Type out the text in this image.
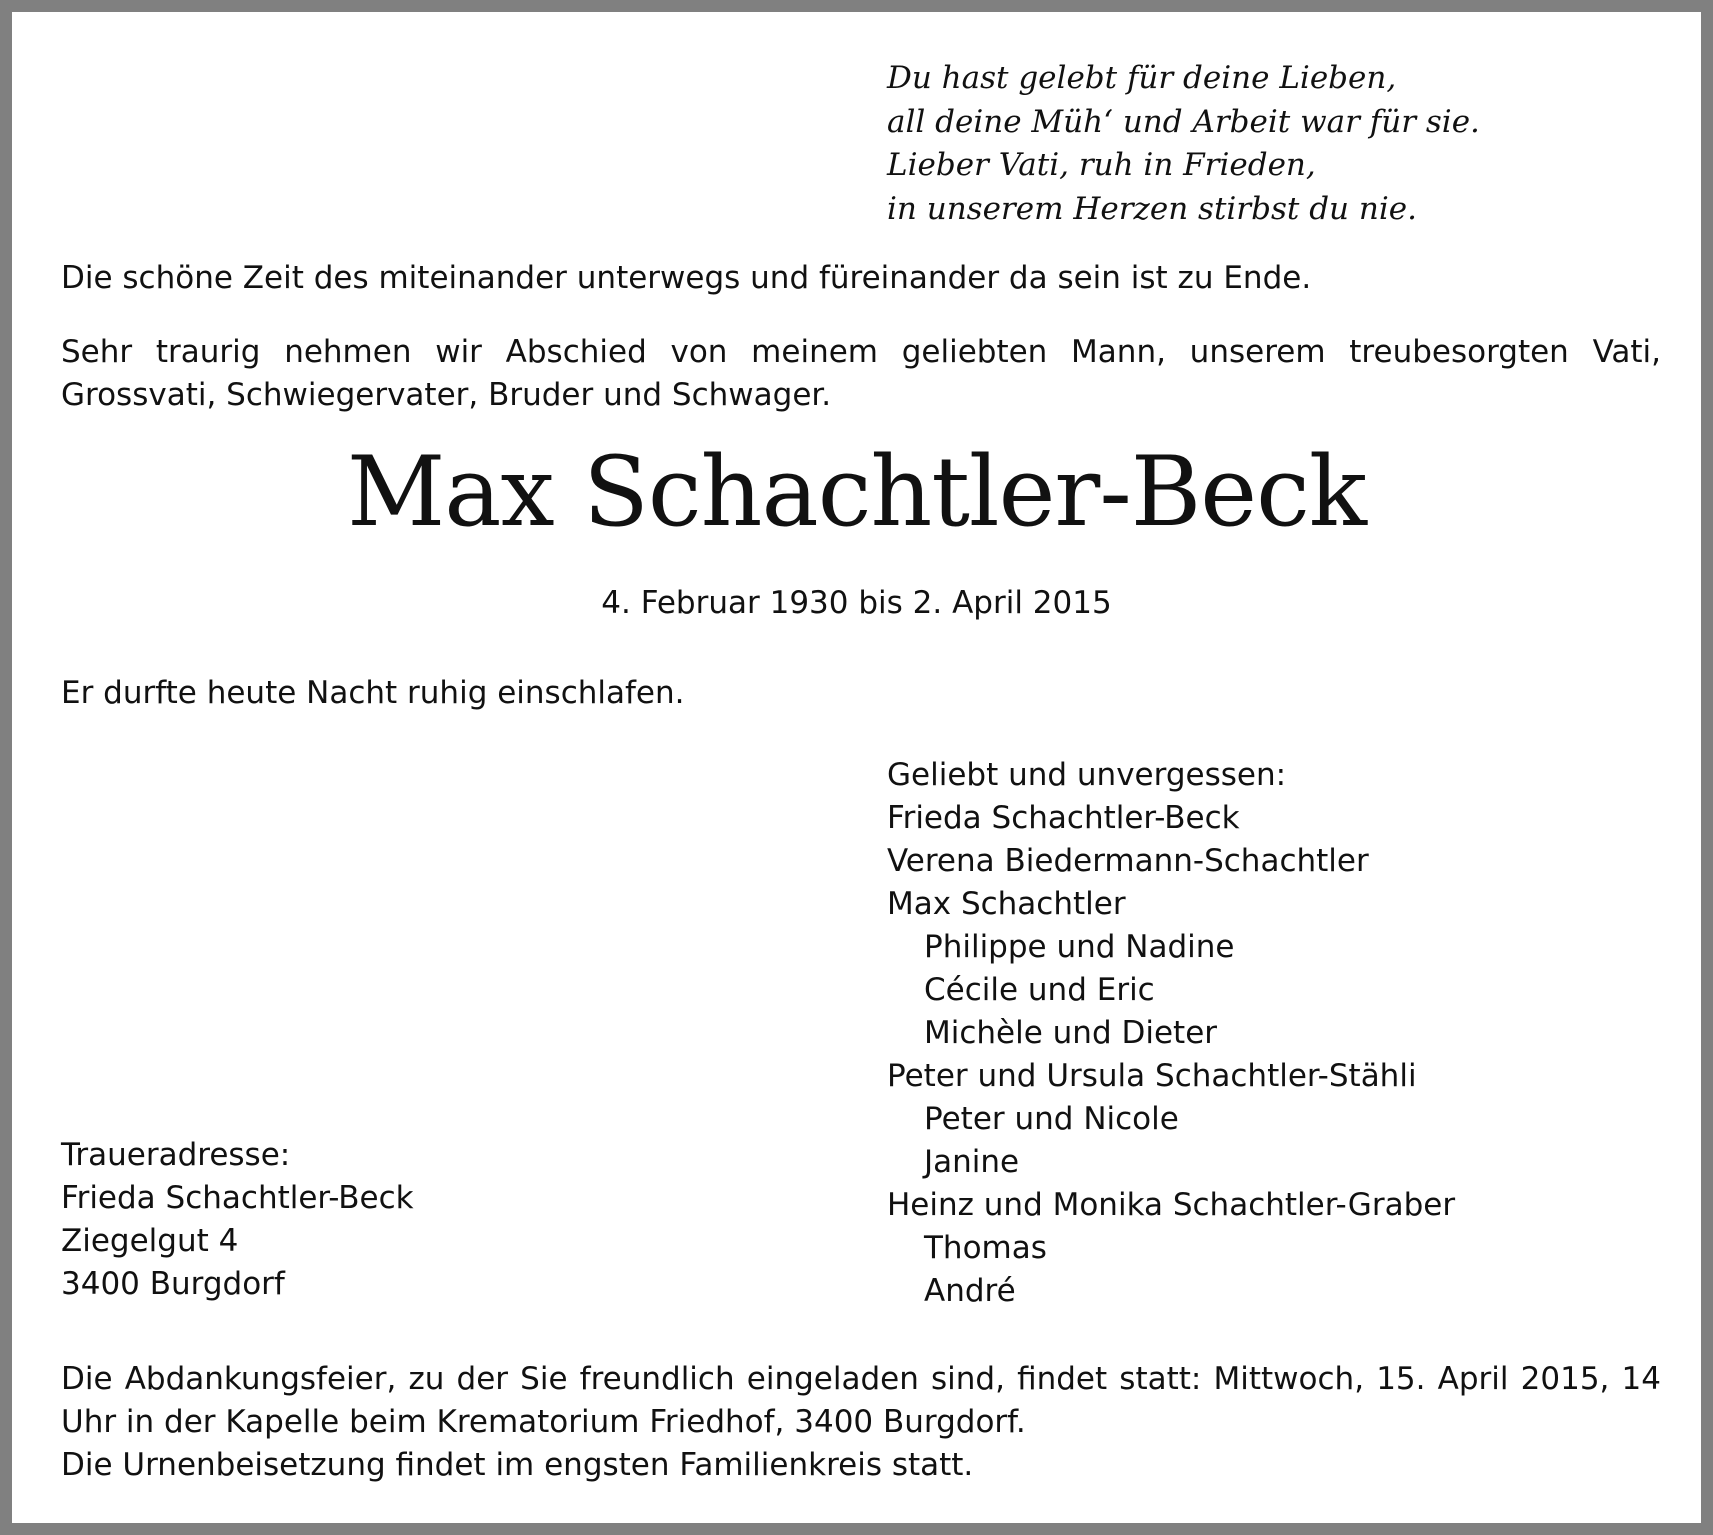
Du hast gelebt für deine Lieben,
all deine Müh‘ und Arbeit war für sie.
Lieber Vati, ruh in Frieden,
in unserem Herzen stirbst du nie.

Die schöne Zeit des miteinander unterwegs und füreinander da sein ist zu Ende.

Sehr traurig nehmen wir Abschied von meinem geliebten Mann, unserem treubesorgten Vati, Grossvati, Schwiegervater, Bruder und Schwager.

Max Schachtler-Beck
4. Februar 1930 bis 2. April 2015

Er durfte heute Nacht ruhig einschlafen.

Geliebt und unvergessen:
Frieda Schachtler-Beck
Verena Biedermann-Schachtler
Max Schachtler
Philippe und Nadine
Cécile und Eric
Michèle und Dieter
Peter und Ursula Schachtler-Stähli
Peter und Nicole
Janine
Heinz und Monika Schachtler-Graber
Thomas
André
Traueradresse:
Frieda Schachtler-Beck
Ziegelgut 4
3400 Burgdorf

Die Abdankungsfeier, zu der Sie freundlich eingeladen sind, findet statt: Mittwoch, 15. April 2015, 14 Uhr in der Kapelle beim Krematorium Friedhof, 3400 Burgdorf.

Die Urnenbeisetzung findet im engsten Familienkreis statt.
